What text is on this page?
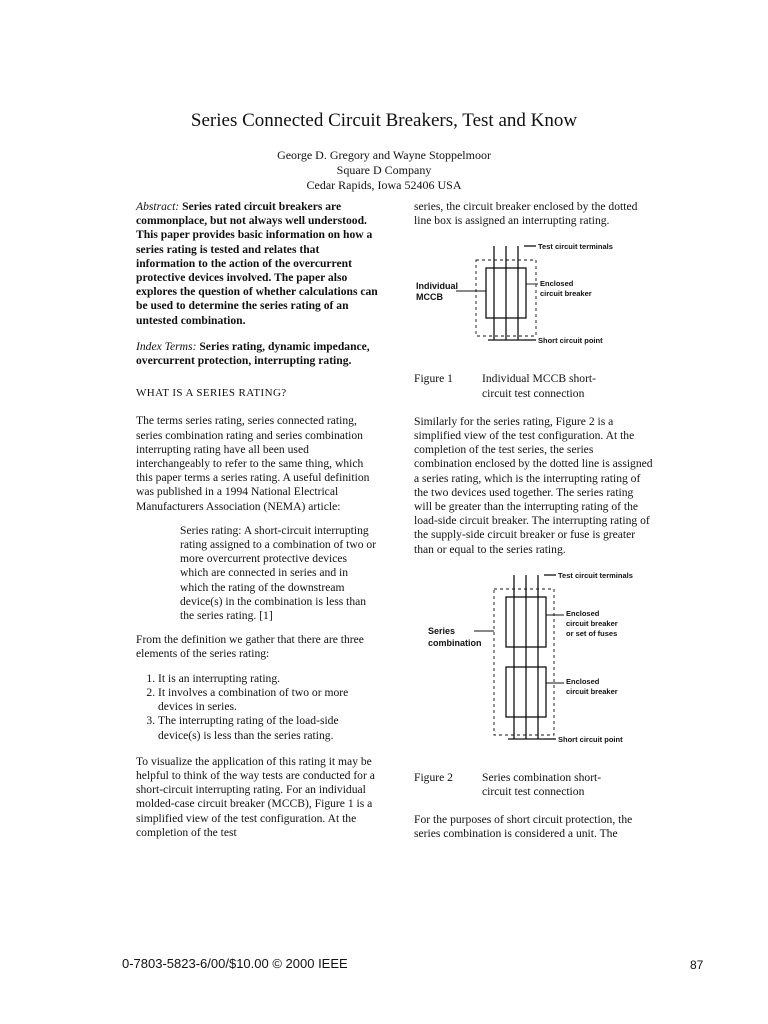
Series Connected Circuit Breakers, Test and Know
George D. Gregory and Wayne Stoppelmoor
Square D Company
Cedar Rapids, Iowa 52406 USA

Abstract: Series rated circuit breakers are commonplace, but not always well understood. This paper provides basic information on how a series rating is tested and relates that information to the action of the overcurrent protective devices involved. The paper also explores the question of whether calculations can be used to determine the series rating of an untested combination.

Index Terms: Series rating, dynamic impedance, overcurrent protection, interrupting rating.

WHAT IS A SERIES RATING?

The terms series rating, series connected rating, series combination rating and series combination interrupting rating have all been used interchangeably to refer to the same thing, which this paper terms a series rating. A useful definition was published in a 1994 National Electrical Manufacturers Association (NEMA) article:

Series rating: A short-circuit interrupting rating assigned to a combination of two or more overcurrent protective devices which are connected in series and in which the rating of the downstream device(s) in the combination is less than the series rating. [1]

From the definition we gather that there are three elements of the series rating:

1. It is an interrupting rating.
2. It involves a combination of two or more devices in series.
3. The interrupting rating of the load-side device(s) is less than the series rating.

To visualize the application of this rating it may be helpful to think of the way tests are conducted for a short-circuit interrupting rating. For an individual molded-case circuit breaker (MCCB), Figure 1 is a simplified view of the test configuration. At the completion of the test

series, the circuit breaker enclosed by the dotted line box is assigned an interrupting rating.

Test circuit terminals
Individual
MCCB
Enclosed
circuit breaker
Short circuit point
Figure 1	Individual MCCB short-circuit test connection

Similarly for the series rating, Figure 2 is a simplified view of the test configuration. At the completion of the test series, the series combination enclosed by the dotted line is assigned a series rating, which is the interrupting rating of the two devices used together. The series rating will be greater than the interrupting rating of the load-side circuit breaker. The interrupting rating of the supply-side circuit breaker or fuse is greater than or equal to the series rating.

Test circuit terminals
Series
combination
Enclosed
circuit breaker
or set of fuses
Enclosed
circuit breaker
Short circuit point
Figure 2	Series combination short-circuit test connection

For the purposes of short circuit protection, the series combination is considered a unit. The

0-7803-5823-6/00/$10.00 © 2000 IEEE	87
